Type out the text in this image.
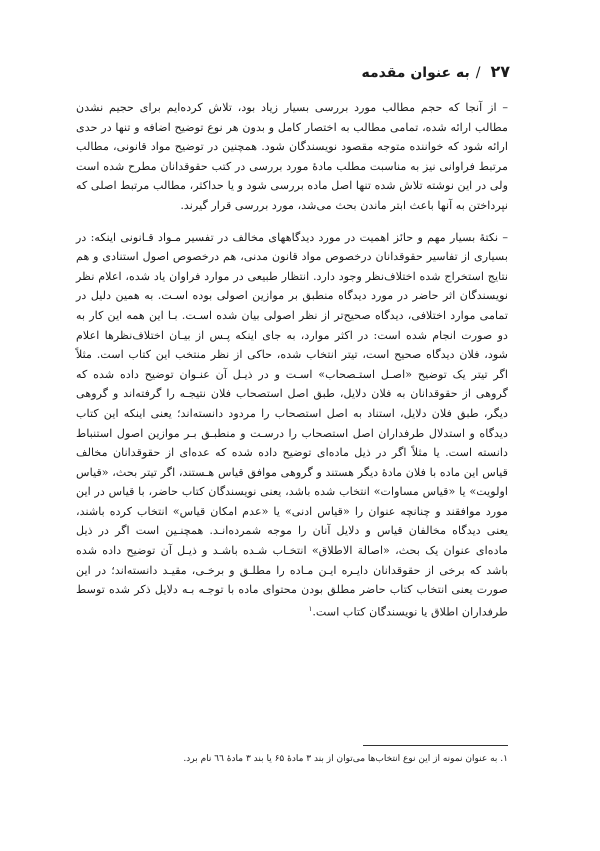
۲۷
/
به عنوان مقدمه

– از آنجا که حجم مطالب مورد بررسی بسیار زیاد بود، تلاش کرده‌ایم برای حجیم نشدن مطالب ارائه شده، تمامی مطالب به اختصار کامل و بدون هر نوع توضیح اضافه و تنها در حدی ارائه شود که خواننده متوجه مقصود نویسندگان شود. همچنین در توضیح مواد قانونی، مطالب مرتبط فراوانی نیز به مناسبت مطلب مادهٔ مورد بررسی در کتب حقوقدانان مطرح شده است ولی در این نوشته تلاش شده تنها اصل ماده بررسی شود و یا حداکثر، مطالب مرتبط اصلی که نپرداختن به آنها باعث ابتر ماندن بحث می‌شد، مورد بررسی قرار گیرند.

– نکتهٔ بسیار مهم و حائز اهمیت در مورد دیدگاههای مخالف در تفسیر مـواد قـانونی اینکه: در بسیاری از تفاسیر حقوقدانان درخصوص مواد قانون مدنی، هم درخصوص اصول استنادی و هم نتایج استخراج شده اختلاف‌نظر وجود دارد. انتظار طبیعی در موارد فراوان یاد شده، اعلام نظر نویسندگان اثر حاضر در مورد دیدگاه منطبق بر موازین اصولی بوده اسـت. به همین دلیل در تمامی موارد اختلافی، دیدگاه صحیح‌تر از نظر اصولی بیان شده اسـت. بـا این همه این کار به دو صورت انجام شده است: در اکثر موارد، به جای اینکه پـس از بیـان اختلاف‌نظرها اعلام شود، فلان دیدگاه صحیح است، تیتر انتخاب شده، حاکی از نظر منتخب این کتاب است. مثلاً اگر تیتر یک توضیح «اصـل استـصحاب» اسـت و در ذیـل آن عنـوان توضیح داده شده که گروهی از حقوقدانان به فلان دلایل، طبق اصل استصحاب فلان نتیجـه را گرفته‌اند و گروهی دیگر، طبق فلان دلایل، استناد به اصل استصحاب را مردود دانسته‌اند؛ یعنی اینکه این کتاب دیدگاه و استدلال طرفداران اصل استصحاب را درسـت و منطبـق بـر موازین اصول استنباط دانسته است. یا مثلاً اگر در ذیل ماده‌ای توضیح داده شده که عده‌ای از حقوقدانان مخالف قیاس این ماده با فلان مادهٔ دیگر هستند و گروهی موافق قیاس هـستند، اگر تیتر بحث، «قیاس اولویت» یا «قیاس مساوات» انتخاب شده باشد، یعنی نویسندگان کتاب حاضر، با قیاس در این مورد موافقند و چنانچه عنوان را «قیاس ادنی» یا «عدم امکان قیاس» انتخاب کرده باشند، یعنی دیدگاه مخالفان قیاس و دلایل آنان را موجه شمرده‌انـد. همچنـین است اگر در ذیل ماده‌ای عنوان یک بحث، «اصالة الاطلاق» انتخـاب شـده باشـد و ذیـل آن توضیح داده شده باشد که برخی از حقوقدانان دایـره ایـن مـاده را مطلـق و برخـی، مقیـد دانسته‌اند؛ در این صورت یعنی انتخاب کتاب حاضر مطلق بودن محتوای ماده با توجـه بـه دلایل ذکر شده توسط طرفداران اطلاق یا نویسندگان کتاب است.$^۱$

۱. به عنوان نمونه از این نوع انتخاب‌ها می‌توان از بند ۳ مادهٔ ۶۵ یا بند ۳ مادهٔ ٦٦ نام برد.
